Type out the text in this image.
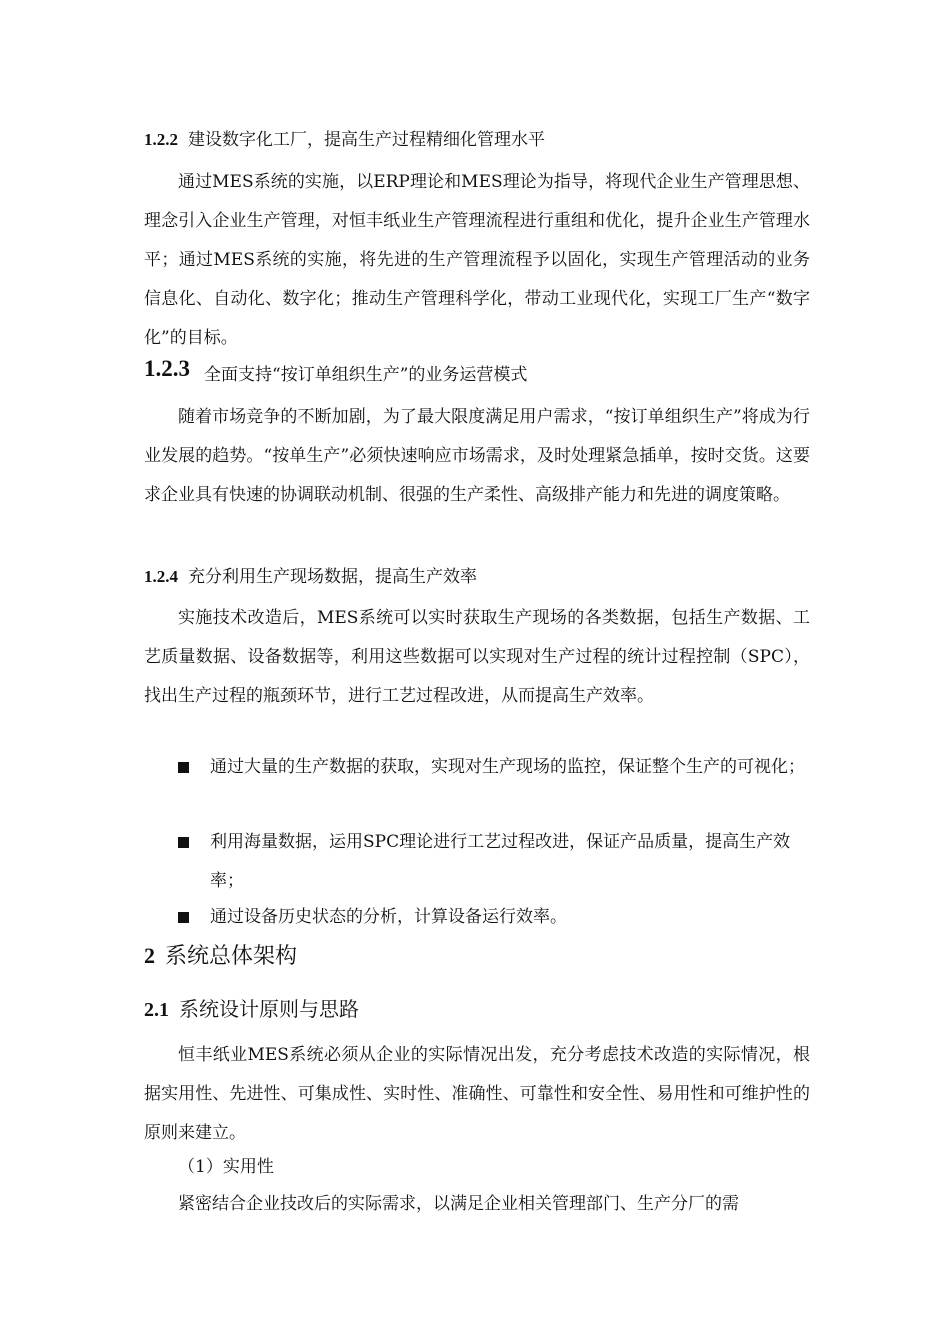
1.2.2 建设数字化工厂，提高生产过程精细化管理水平
通过MES系统的实施，以ERP理论和MES理论为指导，将现代企业生产管理思想、理念引入企业生产管理，对恒丰纸业生产管理流程进行重组和优化，提升企业生产管理水平；通过MES系统的实施，将先进的生产管理流程予以固化，实现生产管理活动的业务信息化、自动化、数字化；推动生产管理科学化，带动工业现代化，实现工厂生产“数字化”的目标。
1.2.3 全面支持“按订单组织生产”的业务运营模式
随着市场竞争的不断加剧，为了最大限度满足用户需求，“按订单组织生产”将成为行业发展的趋势。“按单生产”必须快速响应市场需求，及时处理紧急插单，按时交货。这要求企业具有快速的协调联动机制、很强的生产柔性、高级排产能力和先进的调度策略。
1.2.4 充分利用生产现场数据，提高生产效率
实施技术改造后，MES系统可以实时获取生产现场的各类数据，包括生产数据、工艺质量数据、设备数据等，利用这些数据可以实现对生产过程的统计过程控制（SPC），找出生产过程的瓶颈环节，进行工艺过程改进，从而提高生产效率。
通过大量的生产数据的获取，实现对生产现场的监控，保证整个生产的可视化；
利用海量数据，运用SPC理论进行工艺过程改进，保证产品质量，提高生产效率；
通过设备历史状态的分析，计算设备运行效率。
2 系统总体架构
2.1 系统设计原则与思路
恒丰纸业MES系统必须从企业的实际情况出发，充分考虑技术改造的实际情况，根据实用性、先进性、可集成性、实时性、准确性、可靠性和安全性、易用性和可维护性的原则来建立。
（1）实用性
紧密结合企业技改后的实际需求，以满足企业相关管理部门、生产分厂的需
